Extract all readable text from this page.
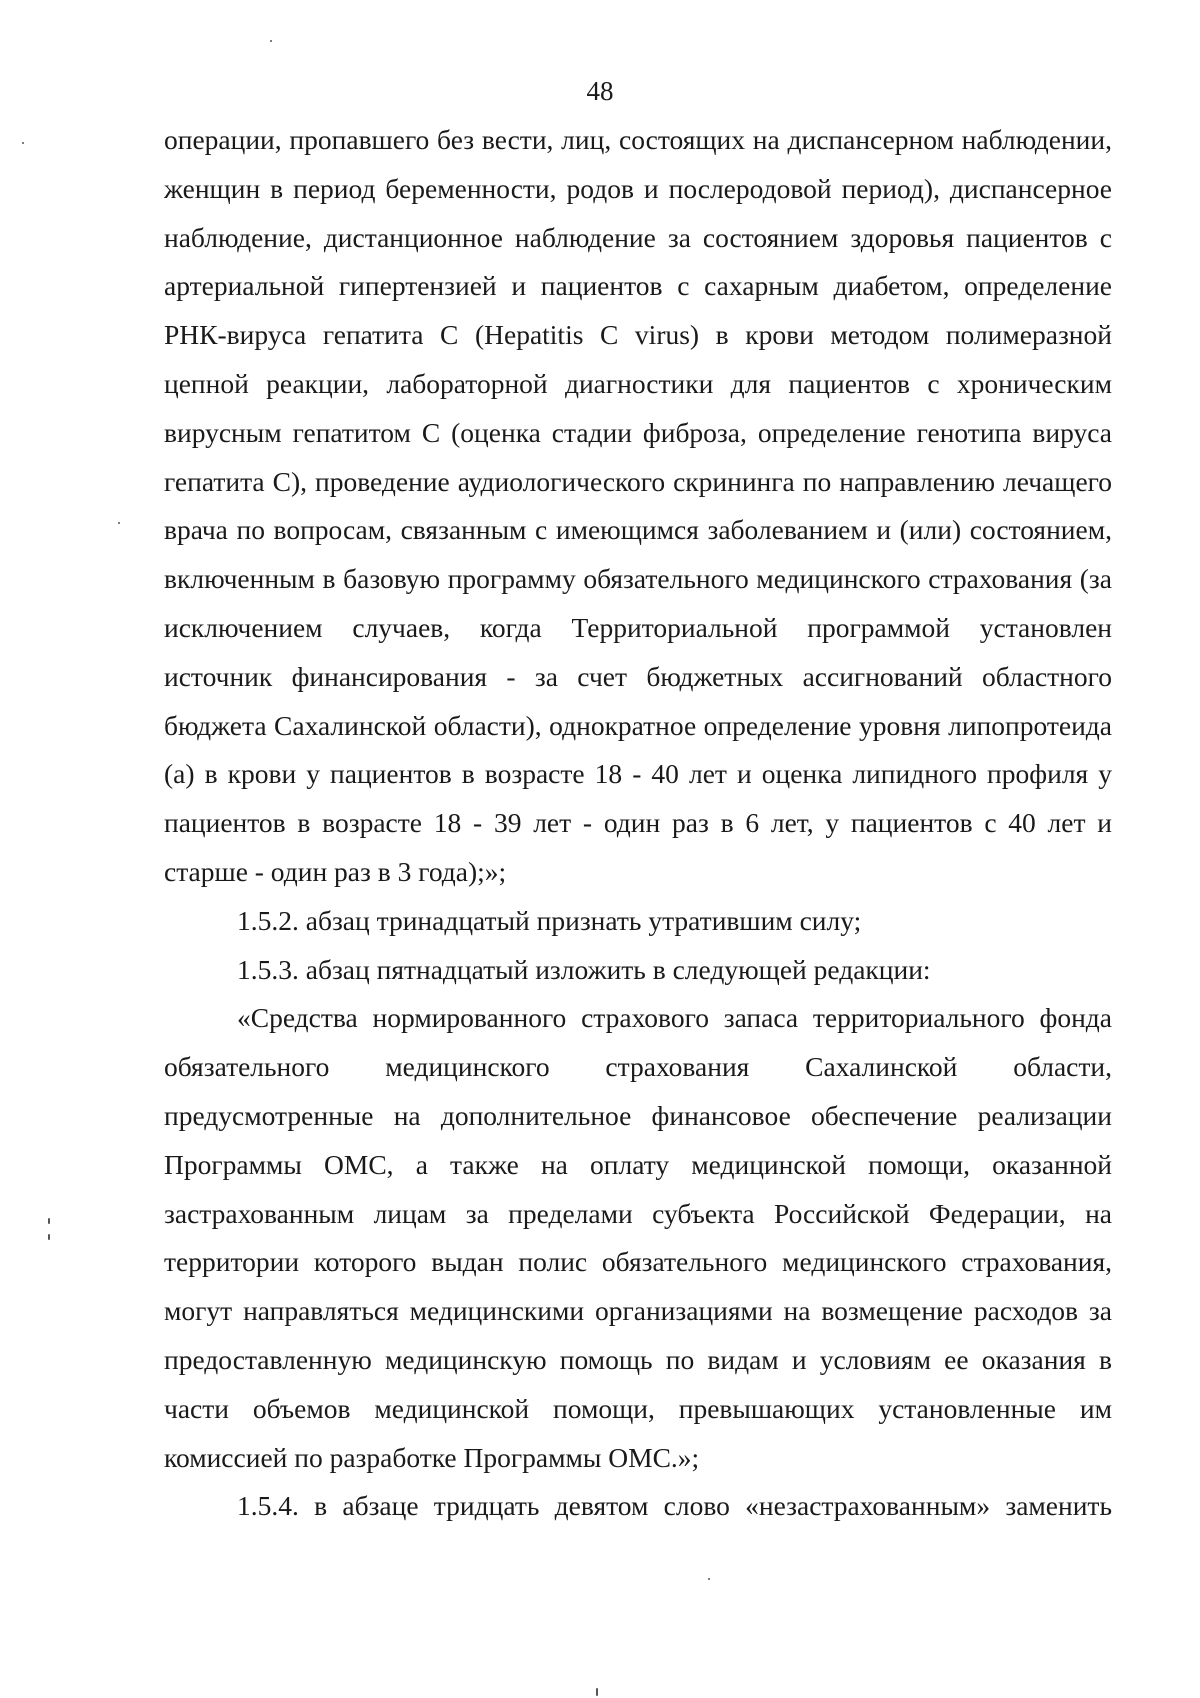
48

операции, пропавшего без вести, лиц, состоящих на диспансерном наблюдении, женщин в период беременности, родов и послеродовой период), диспансерное наблюдение, дистанционное наблюдение за состоянием здоровья пациентов с артериальной гипертензией и пациентов с сахарным диабетом, определение РНК-вируса гепатита C (Hepatitis C virus) в крови методом полимеразной цепной реакции, лабораторной диагностики для пациентов с хроническим вирусным гепатитом C (оценка стадии фиброза, определение генотипа вируса гепатита C), проведение аудиологического скрининга по направлению лечащего врача по вопросам, связанным с имеющимся заболеванием и (или) состоянием, включенным в базовую программу обязательного медицинского страхования (за исключением случаев, когда Территориальной программой установлен источник финансирования - за счет бюджетных ассигнований областного бюджета Сахалинской области), однократное определение уровня липопротеида (а) в крови у пациентов в возрасте 18 - 40 лет и оценка липидного профиля у пациентов в возрасте 18 - 39 лет - один раз в 6 лет, у пациентов с 40 лет и старше - один раз в 3 года);»;

1.5.2. абзац тринадцатый признать утратившим силу;

1.5.3. абзац пятнадцатый изложить в следующей редакции:

«Средства нормированного страхового запаса территориального фонда обязательного медицинского страхования Сахалинской области, предусмотренные на дополнительное финансовое обеспечение реализации Программы ОМС, а также на оплату медицинской помощи, оказанной застрахованным лицам за пределами субъекта Российской Федерации, на территории которого выдан полис обязательного медицинского страхования, могут направляться медицинскими организациями на возмещение расходов за предоставленную медицинскую помощь по видам и условиям ее оказания в части объемов медицинской помощи, превышающих установленные им комиссией по разработке Программы ОМС.»;

1.5.4. в абзаце тридцать девятом слово «незастрахованным» заменить
